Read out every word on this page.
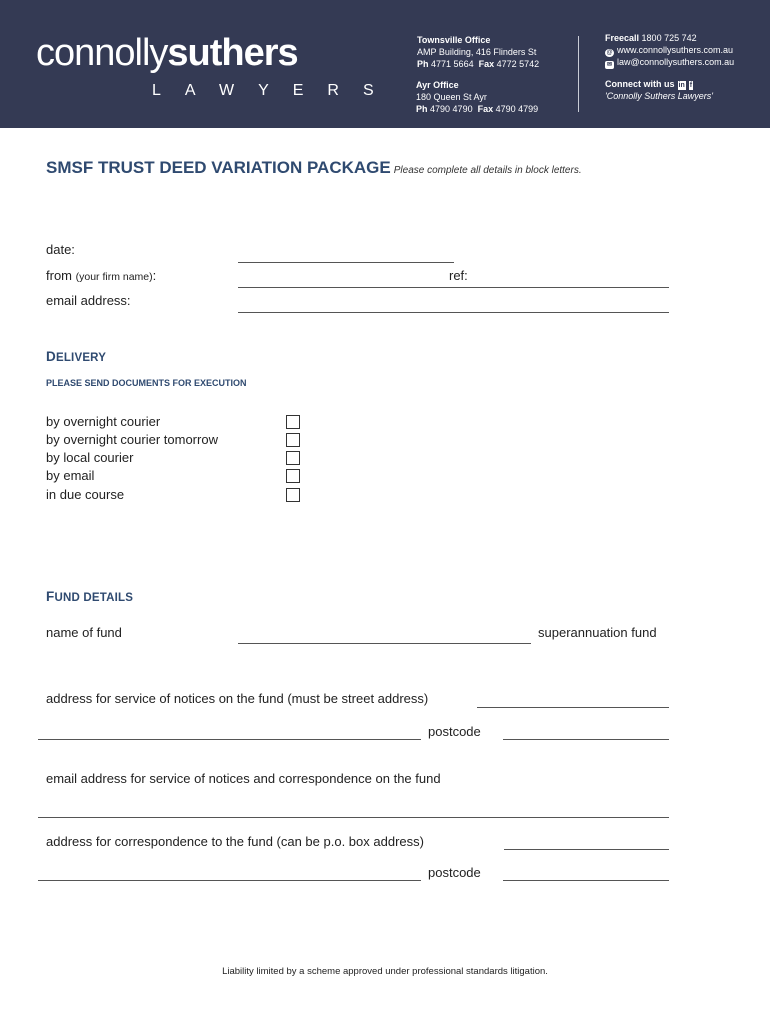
connollysuthers
LAWYERS
Townsville Office
AMP Building, 416 Flinders St
Ph 4771 5664 Fax 4772 5742
Ayr Office
180 Queen St Ayr
Ph 4790 4790 Fax 4790 4799
Freecall 1800 725 742
@ www.connollysuthers.com.au
✉ law@connollysuthers.com.au
Connect with us in f
'Connolly Suthers Lawyers'
SMSF TRUST DEED VARIATION PACKAGE Please complete all details in block letters.
date:
from (your firm name):	ref:
email address:
DELIVERY
PLEASE SEND DOCUMENTS FOR EXECUTION
by overnight courier
by overnight courier tomorrow
by local courier
by email
in due course
FUND DETAILS
name of fund	superannuation fund
address for service of notices on the fund (must be street address)
postcode
email address for service of notices and correspondence on the fund
address for correspondence to the fund (can be p.o. box address)
postcode
Liability limited by a scheme approved under professional standards litigation.
